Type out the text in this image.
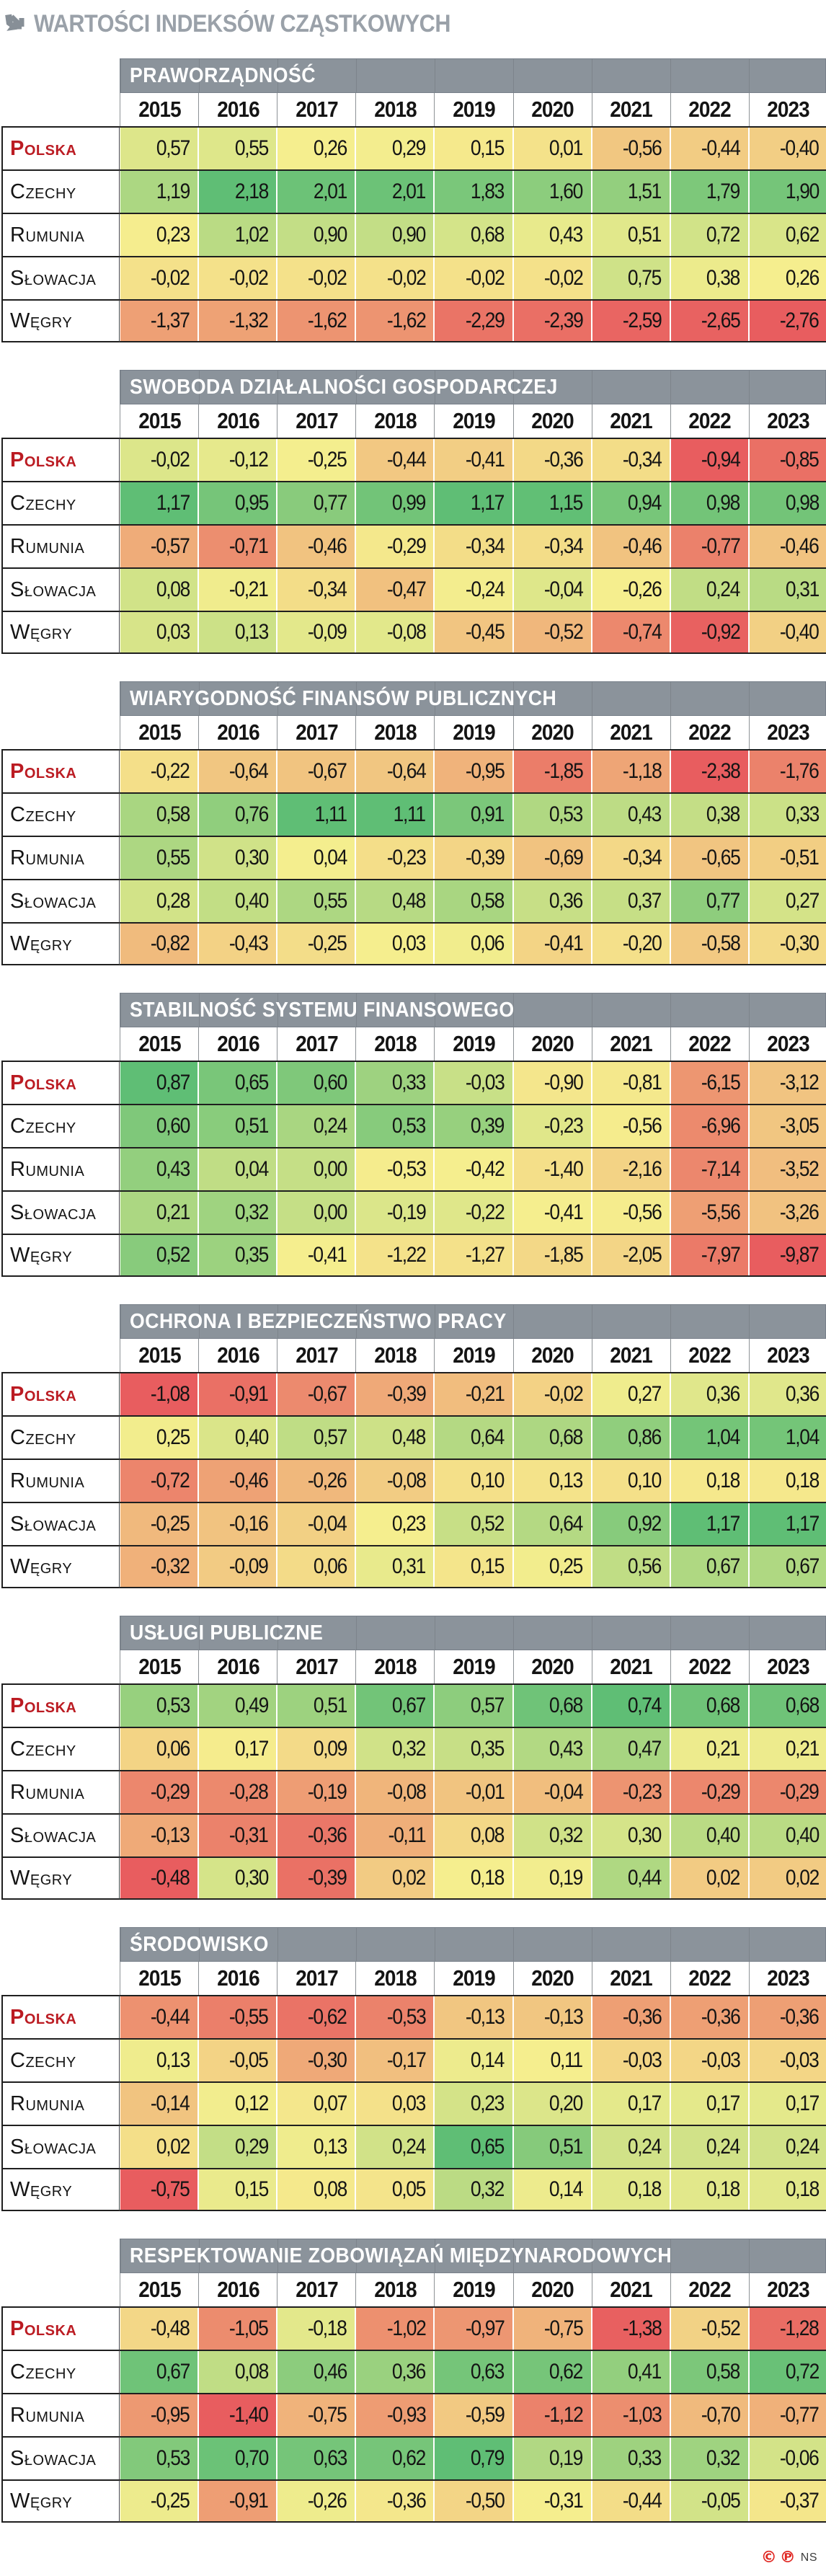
WARTOŚCI INDEKSÓW CZĄSTKOWYCH
PRAWORZĄDNOŚĆ
	2015	2016	2017	2018	2019	2020	2021	2022	2023
Polska	0,57	0,55	0,26	0,29	0,15	0,01	-0,56	-0,44	-0,40
Czechy	1,19	2,18	2,01	2,01	1,83	1,60	1,51	1,79	1,90
Rumunia	0,23	1,02	0,90	0,90	0,68	0,43	0,51	0,72	0,62
Słowacja	-0,02	-0,02	-0,02	-0,02	-0,02	-0,02	0,75	0,38	0,26
Węgry	-1,37	-1,32	-1,62	-1,62	-2,29	-2,39	-2,59	-2,65	-2,76
SWOBODA DZIAŁALNOŚCI GOSPODARCZEJ
	2015	2016	2017	2018	2019	2020	2021	2022	2023
Polska	-0,02	-0,12	-0,25	-0,44	-0,41	-0,36	-0,34	-0,94	-0,85
Czechy	1,17	0,95	0,77	0,99	1,17	1,15	0,94	0,98	0,98
Rumunia	-0,57	-0,71	-0,46	-0,29	-0,34	-0,34	-0,46	-0,77	-0,46
Słowacja	0,08	-0,21	-0,34	-0,47	-0,24	-0,04	-0,26	0,24	0,31
Węgry	0,03	0,13	-0,09	-0,08	-0,45	-0,52	-0,74	-0,92	-0,40
WIARYGODNOŚĆ FINANSÓW PUBLICZNYCH
	2015	2016	2017	2018	2019	2020	2021	2022	2023
Polska	-0,22	-0,64	-0,67	-0,64	-0,95	-1,85	-1,18	-2,38	-1,76
Czechy	0,58	0,76	1,11	1,11	0,91	0,53	0,43	0,38	0,33
Rumunia	0,55	0,30	0,04	-0,23	-0,39	-0,69	-0,34	-0,65	-0,51
Słowacja	0,28	0,40	0,55	0,48	0,58	0,36	0,37	0,77	0,27
Węgry	-0,82	-0,43	-0,25	0,03	0,06	-0,41	-0,20	-0,58	-0,30
STABILNOŚĆ SYSTEMU FINANSOWEGO
	2015	2016	2017	2018	2019	2020	2021	2022	2023
Polska	0,87	0,65	0,60	0,33	-0,03	-0,90	-0,81	-6,15	-3,12
Czechy	0,60	0,51	0,24	0,53	0,39	-0,23	-0,56	-6,96	-3,05
Rumunia	0,43	0,04	0,00	-0,53	-0,42	-1,40	-2,16	-7,14	-3,52
Słowacja	0,21	0,32	0,00	-0,19	-0,22	-0,41	-0,56	-5,56	-3,26
Węgry	0,52	0,35	-0,41	-1,22	-1,27	-1,85	-2,05	-7,97	-9,87
OCHRONA I BEZPIECZEŃSTWO PRACY
	2015	2016	2017	2018	2019	2020	2021	2022	2023
Polska	-1,08	-0,91	-0,67	-0,39	-0,21	-0,02	0,27	0,36	0,36
Czechy	0,25	0,40	0,57	0,48	0,64	0,68	0,86	1,04	1,04
Rumunia	-0,72	-0,46	-0,26	-0,08	0,10	0,13	0,10	0,18	0,18
Słowacja	-0,25	-0,16	-0,04	0,23	0,52	0,64	0,92	1,17	1,17
Węgry	-0,32	-0,09	0,06	0,31	0,15	0,25	0,56	0,67	0,67
USŁUGI PUBLICZNE
	2015	2016	2017	2018	2019	2020	2021	2022	2023
Polska	0,53	0,49	0,51	0,67	0,57	0,68	0,74	0,68	0,68
Czechy	0,06	0,17	0,09	0,32	0,35	0,43	0,47	0,21	0,21
Rumunia	-0,29	-0,28	-0,19	-0,08	-0,01	-0,04	-0,23	-0,29	-0,29
Słowacja	-0,13	-0,31	-0,36	-0,11	0,08	0,32	0,30	0,40	0,40
Węgry	-0,48	0,30	-0,39	0,02	0,18	0,19	0,44	0,02	0,02
ŚRODOWISKO
	2015	2016	2017	2018	2019	2020	2021	2022	2023
Polska	-0,44	-0,55	-0,62	-0,53	-0,13	-0,13	-0,36	-0,36	-0,36
Czechy	0,13	-0,05	-0,30	-0,17	0,14	0,11	-0,03	-0,03	-0,03
Rumunia	-0,14	0,12	0,07	0,03	0,23	0,20	0,17	0,17	0,17
Słowacja	0,02	0,29	0,13	0,24	0,65	0,51	0,24	0,24	0,24
Węgry	-0,75	0,15	0,08	0,05	0,32	0,14	0,18	0,18	0,18
RESPEKTOWANIE ZOBOWIĄZAŃ MIĘDZYNARODOWYCH
	2015	2016	2017	2018	2019	2020	2021	2022	2023
Polska	-0,48	-1,05	-0,18	-1,02	-0,97	-0,75	-1,38	-0,52	-1,28
Czechy	0,67	0,08	0,46	0,36	0,63	0,62	0,41	0,58	0,72
Rumunia	-0,95	-1,40	-0,75	-0,93	-0,59	-1,12	-1,03	-0,70	-0,77
Słowacja	0,53	0,70	0,63	0,62	0,79	0,19	0,33	0,32	-0,06
Węgry	-0,25	-0,91	-0,26	-0,36	-0,50	-0,31	-0,44	-0,05	-0,37
© ℗ NS
